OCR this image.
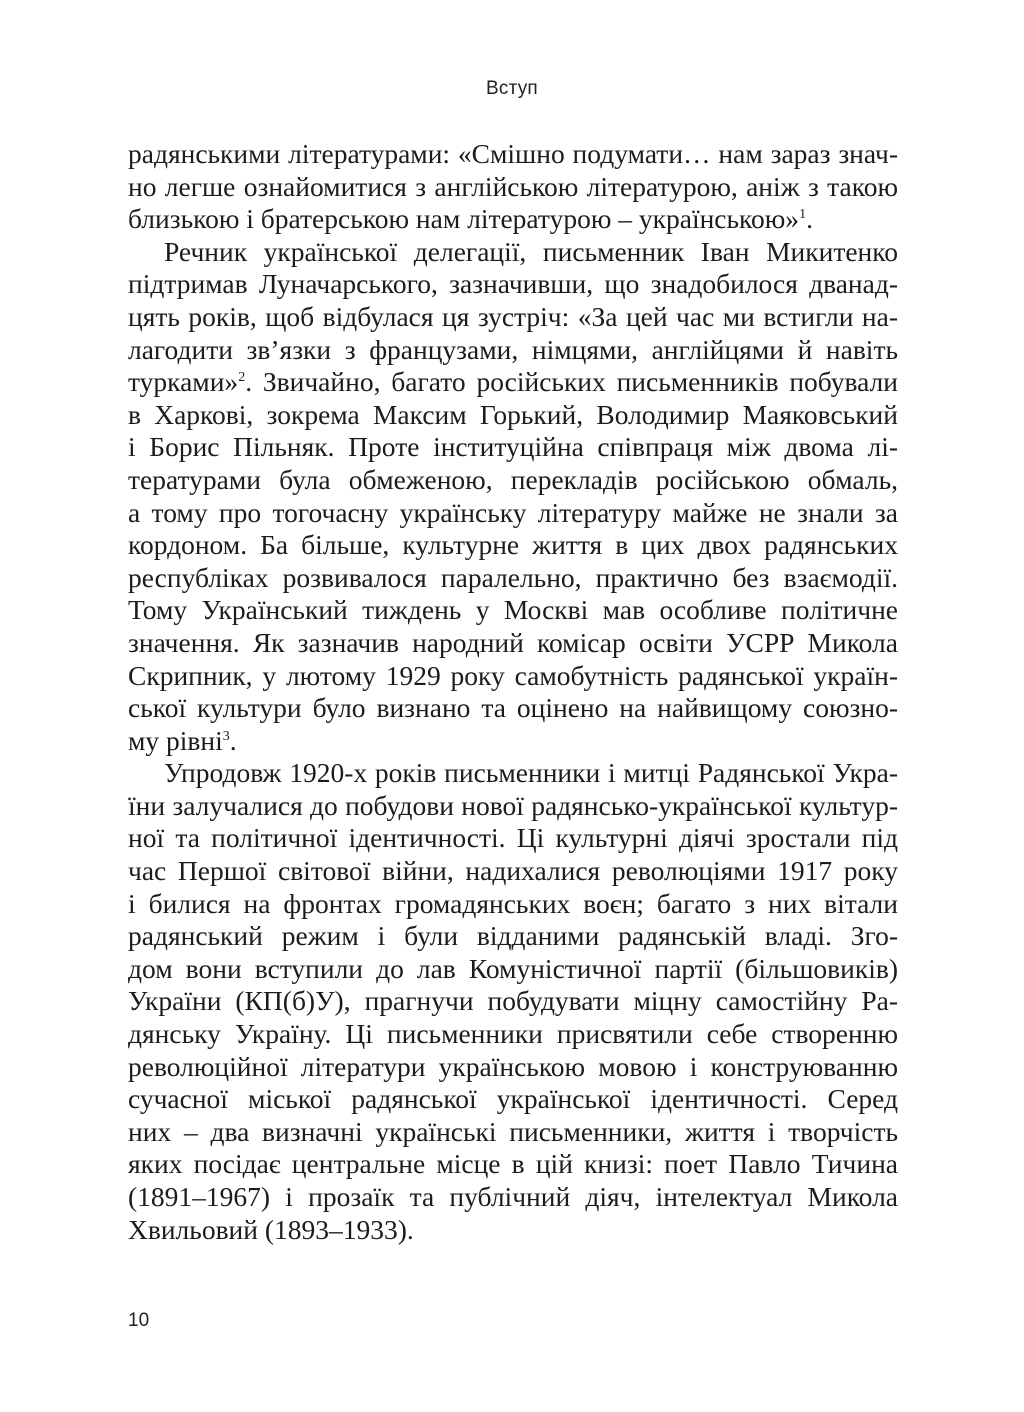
Вступ
радянськими літературами: «Смішно подумати… нам зараз знач-
но легше ознайомитися з англійською літературою, аніж з такою
близькою і братерською нам літературою – українською»$^1$.
Речник української делегації, письменник Іван Микитенко
підтримав Луначарського, зазначивши, що знадобилося дванад-
цять років, щоб відбулася ця зустріч: «За цей час ми встигли на-
лагодити зв’язки з французами, німцями, англійцями й навіть
турками»$^2$. Звичайно, багато російських письменників побували
в Харкові, зокрема Максим Горький, Володимир Маяковський
і Борис Пільняк. Проте інституційна співпраця між двома лі-
тературами була обмеженою, перекладів російською обмаль,
а тому про тогочасну українську літературу майже не знали за
кордоном. Ба більше, культурне життя в цих двох радянських
республіках розвивалося паралельно, практично без взаємодії.
Тому Український тиждень у Москві мав особливе політичне
значення. Як зазначив народний комісар освіти УСРР Микола
Скрипник, у лютому 1929 року самобутність радянської україн-
ської культури було визнано та оцінено на найвищому союзно-
му рівні$^3$.
Упродовж 1920-х років письменники і митці Радянської Укра-
їни залучалися до побудови нової радянсько-української культур-
ної та політичної ідентичності. Ці культурні діячі зростали під
час Першої світової війни, надихалися революціями 1917 року
і билися на фронтах громадянських воєн; багато з них вітали
радянський режим і були відданими радянській владі. Зго-
дом вони вступили до лав Комуністичної партії (більшовиків)
України (КП(б)У), прагнучи побудувати міцну самостійну Ра-
дянську Україну. Ці письменники присвятили себе створенню
революційної літератури українською мовою і конструюванню
сучасної міської радянської української ідентичності. Серед
них – два визначні українські письменники, життя і творчість
яких посідає центральне місце в цій книзі: поет Павло Тичина
(1891–1967) і прозаїк та публічний діяч, інтелектуал Микола
Хвильовий (1893–1933).
10
